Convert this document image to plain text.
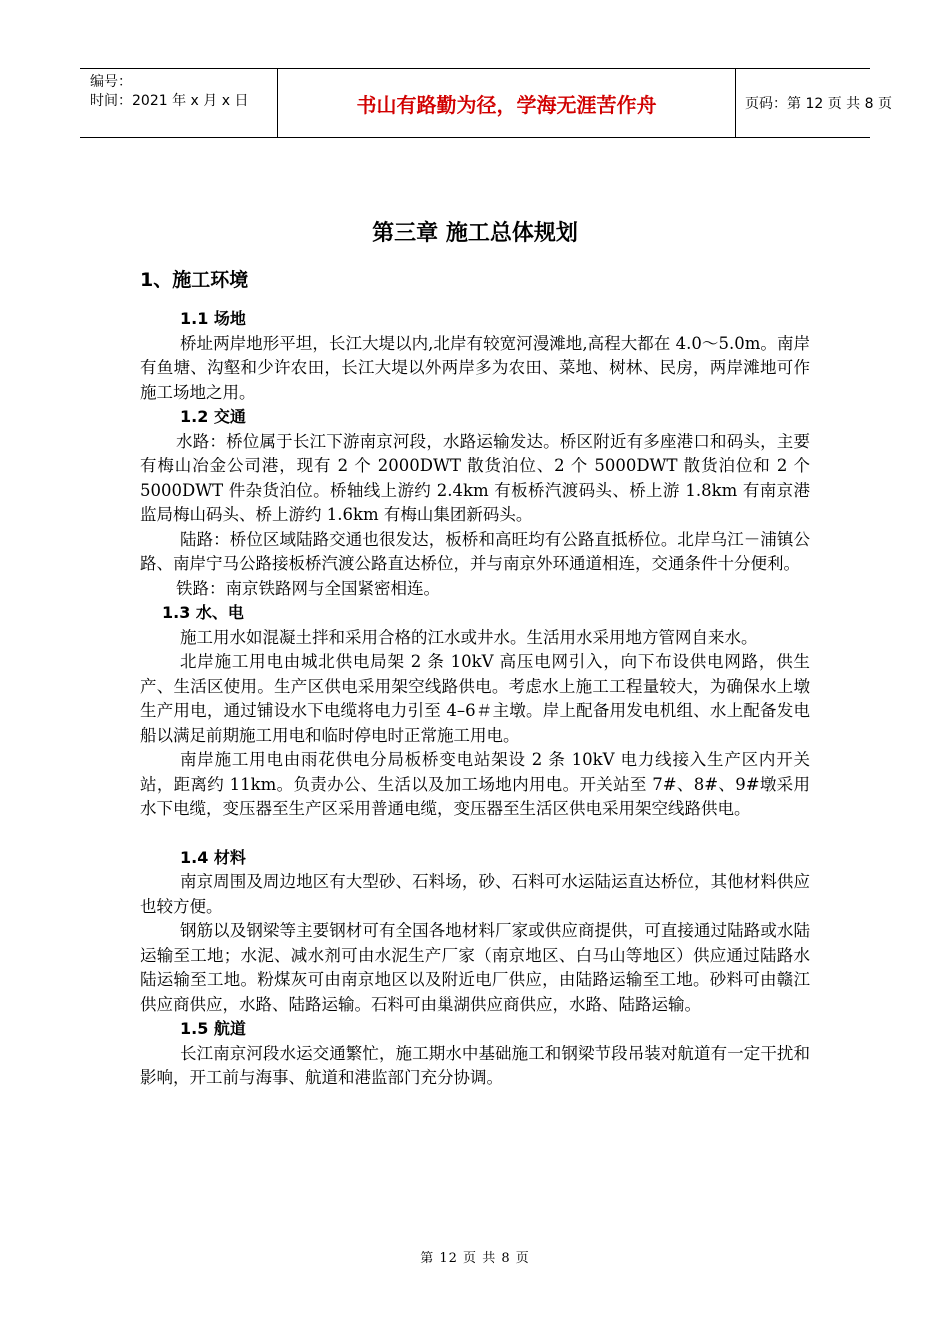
编号：
时间：2021 年 x 月 x 日	书山有路勤为径，学海无涯苦作舟	页码：第 12 页 共 8 页
第三章 施工总体规划
1、施工环境
1.1 场地

桥址两岸地形平坦，长江大堤以内,北岸有较宽河漫滩地,高程大都在 4.0～5.0m。南岸有鱼塘、沟壑和少许农田，长江大堤以外两岸多为农田、菜地、树林、民房，两岸滩地可作施工场地之用。

1.2 交通

水路：桥位属于长江下游南京河段，水路运输发达。桥区附近有多座港口和码头，主要有梅山冶金公司港，现有 2 个 2000DWT 散货泊位、2 个 5000DWT 散货泊位和 2 个 5000DWT 件杂货泊位。桥轴线上游约 2.4km 有板桥汽渡码头、桥上游 1.8km 有南京港监局梅山码头、桥上游约 1.6km 有梅山集团新码头。

陆路：桥位区域陆路交通也很发达，板桥和高旺均有公路直抵桥位。北岸乌江－浦镇公路、南岸宁马公路接板桥汽渡公路直达桥位，并与南京外环通道相连，交通条件十分便利。

铁路：南京铁路网与全国紧密相连。

1.3 水、电

施工用水如混凝土拌和采用合格的江水或井水。生活用水采用地方管网自来水。

北岸施工用电由城北供电局架 2 条 10kV 高压电网引入，向下布设供电网路，供生产、生活区使用。生产区供电采用架空线路供电。考虑水上施工工程量较大，为确保水上墩生产用电，通过铺设水下电缆将电力引至 4–6＃主墩。岸上配备用发电机组、水上配备发电船以满足前期施工用电和临时停电时正常施工用电。

南岸施工用电由雨花供电分局板桥变电站架设 2 条 10kV 电力线接入生产区内开关站，距离约 11km。负责办公、生活以及加工场地内用电。开关站至 7#、8#、9#墩采用水下电缆，变压器至生产区采用普通电缆，变压器至生活区供电采用架空线路供电。

1.4 材料

南京周围及周边地区有大型砂、石料场，砂、石料可水运陆运直达桥位，其他材料供应也较方便。

钢筋以及钢梁等主要钢材可有全国各地材料厂家或供应商提供，可直接通过陆路或水陆运输至工地；水泥、减水剂可由水泥生产厂家（南京地区、白马山等地区）供应通过陆路水陆运输至工地。粉煤灰可由南京地区以及附近电厂供应，由陆路运输至工地。砂料可由赣江供应商供应，水路、陆路运输。石料可由巢湖供应商供应，水路、陆路运输。

1.5 航道

长江南京河段水运交通繁忙，施工期水中基础施工和钢梁节段吊装对航道有一定干扰和影响，开工前与海事、航道和港监部门充分协调。

第 12 页 共 8 页
